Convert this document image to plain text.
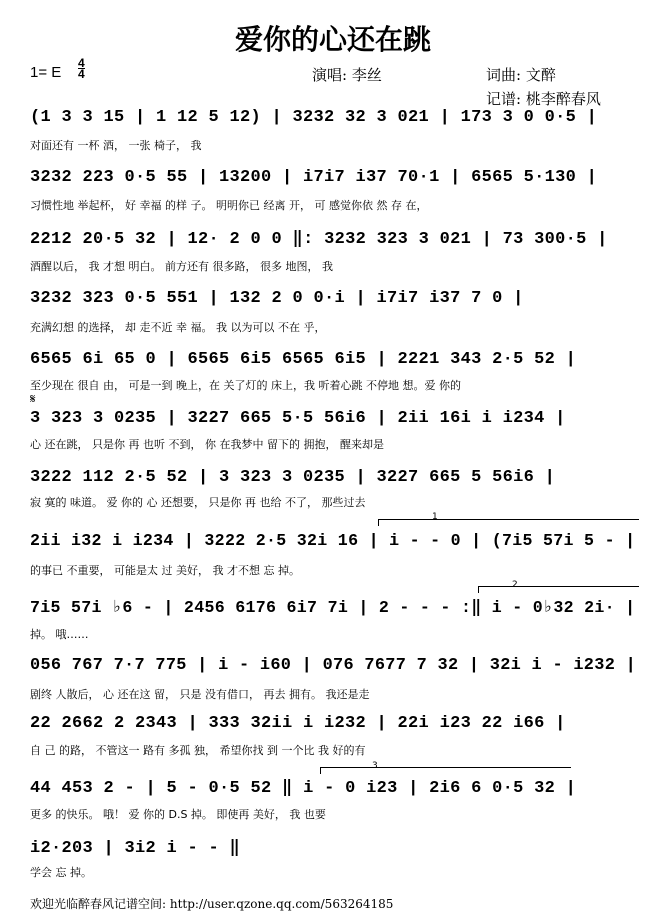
爱你的心还在跳
1= E
4
4	演唱: 李丝	词曲: 文醉
记谱: 桃李醉春风
(1 3 3 15 | 1 12 5 12) | 3232 32 3 021 | 173 3 0 0·5 |
对面还有 一杯 酒， 一张 椅子， 我
3232 223 0·5 55 | 13200 | i7i7 i37 70·1 | 6565 5·130 |
习惯性地 举起杯， 好 幸福 的样 子。 明明你已 经离 开， 可 感觉你依 然 存 在，
2212 20·5 32 | 12· 2 0 0 ‖: 3232 323 3 021 | 73 300·5 |
酒醒以后， 我 才想 明白。 前方还有 很多路， 很多 地图， 我
3232 323 0·5 551 | 132 2 0 0·i | i7i7 i37 7 0 |
充满幻想 的选择， 却 走不近 幸 福。 我 以为可以 不在 乎，
6565 6i 65 0 | 6565 6i5 6565 6i5 | 2221 343 2·5 52 |
至少现在 很自 由， 可是一到 晚上，在 关了灯的 床上，我 听着心跳 不停地 想。爱 你的
𝄋
3 323 3 0235 | 3227 665 5·5 56i6 | 2ii 16i i i234 |
心 还在跳， 只是你 再 也听 不到， 你 在我梦中 留下的 拥抱， 醒来却是
3222 112 2·5 52 | 3 323 3 0235 | 3227 665 5 56i6 |
寂 寞的 味道。 爱 你的 心 还想要， 只是你 再 也给 不了， 那些过去
1
2ii i32 i i234 | 3222 2·5 32i 16 | i - - 0 | (7i5 57i 5 - |
的事已 不重要， 可能是太 过 美好， 我 才不想 忘 掉。
2
7i5 57i ♭6 - | 2456 6176 6i7 7i | 2 - - - :‖ i - 0♭32 2i· |
掉。 哦……
056 767 7·7 775 | i - i60 | 076 7677 7 32 | 32i i - i232 |
剧终 人散后， 心 还在这 留， 只是 没有借口， 再去 拥有。 我还是走
22 2662 2 2343 | 333 32ii i i232 | 22i i23 22 i66 |
自 己 的路， 不管这一 路有 多孤 独， 希望你找 到 一个比 我 好的有
3
44 453 2 - | 5 - 0·5 52 ‖ i - 0 i23 | 2i6 6 0·5 32 |
更多 的快乐。 哦！ 爱 你的 D.S 掉。 即使再 美好， 我 也要
i2·203 | 3i2 i - - ‖
学会 忘 掉。
欢迎光临醉春风记谱空间: http://user.qzone.qq.com/563264185
